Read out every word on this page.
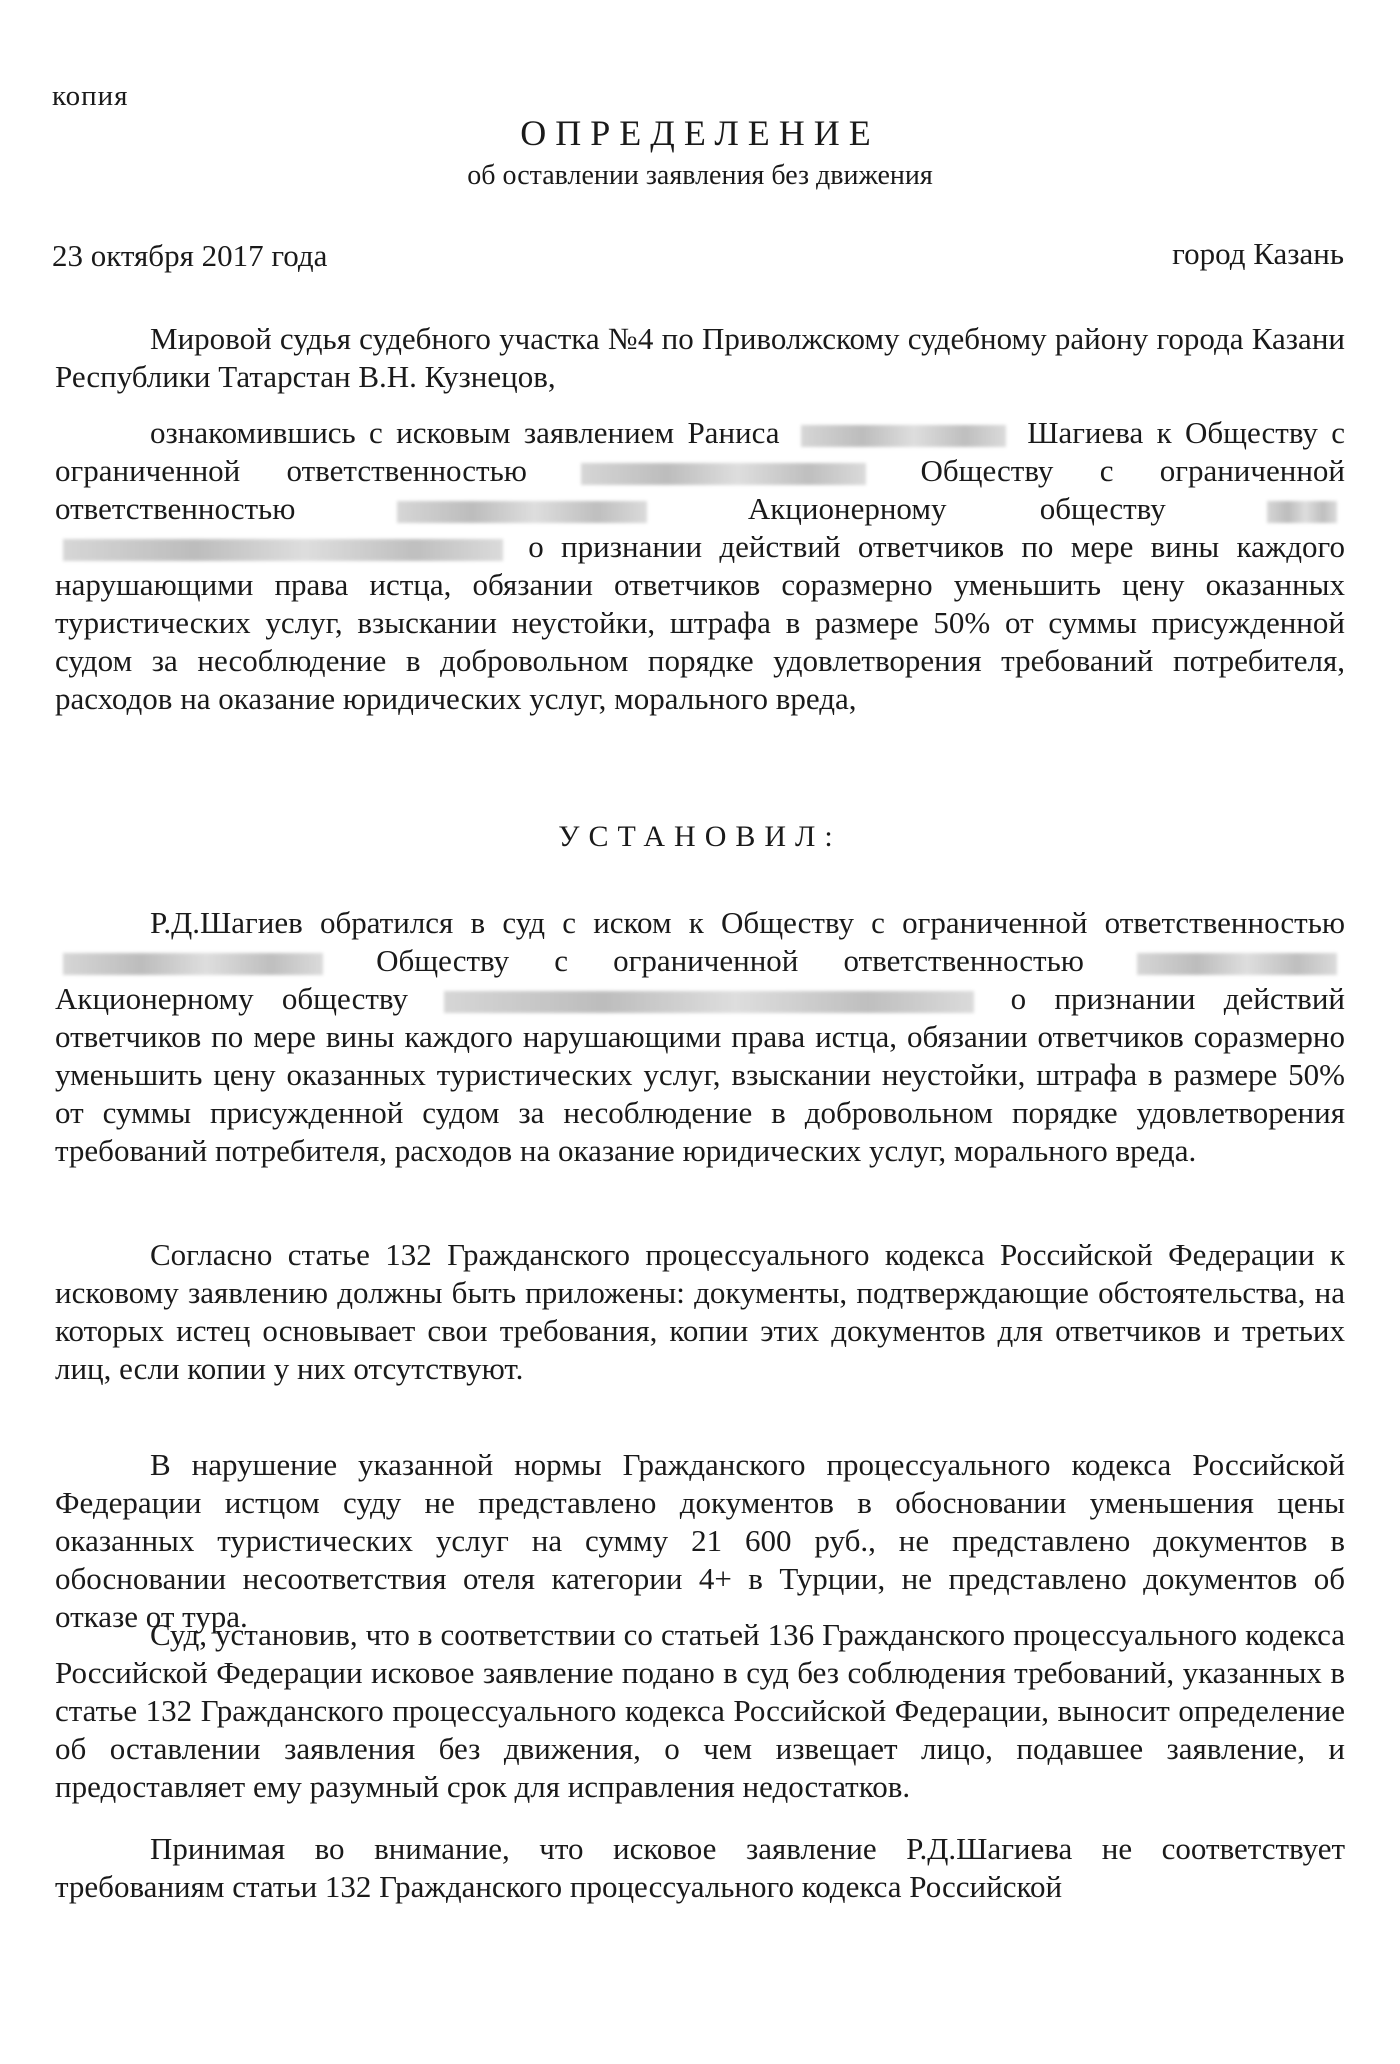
копия
ОПРЕДЕЛЕНИЕ
об оставлении заявления без движения
23 октября 2017 года	город Казань
Мировой судья судебного участка №4 по Приволжскому судебному району города Казани Республики Татарстан В.Н. Кузнецов,
ознакомившись с исковым заявлением Раниса	Шагиева к Обществу с ограниченной ответственностью	Обществу с ограниченной ответственностью	Акционерному обществу   о признании действий ответчиков по мере вины каждого нарушающими права истца, обязании ответчиков соразмерно уменьшить цену оказанных туристических услуг, взыскании неустойки, штрафа в размере 50% от суммы присужденной судом за несоблюдение в добровольном порядке удовлетворения требований потребителя, расходов на оказание юридических услуг, морального вреда,
УСТАНОВИЛ:
Р.Д.Шагиев обратился в суд с иском к Обществу с ограниченной ответственностью  Обществу с ограниченной ответственностью  Акционерному обществу	о признании действий ответчиков по мере вины каждого нарушающими права истца, обязании ответчиков соразмерно уменьшить цену оказанных туристических услуг, взыскании неустойки, штрафа в размере 50% от суммы присужденной судом за несоблюдение в добровольном порядке удовлетворения требований потребителя, расходов на оказание юридических услуг, морального вреда.
Согласно статье 132 Гражданского процессуального кодекса Российской Федерации к исковому заявлению должны быть приложены: документы, подтверждающие обстоятельства, на которых истец основывает свои требования, копии этих документов для ответчиков и третьих лиц, если копии у них отсутствуют.
В нарушение указанной нормы Гражданского процессуального кодекса Российской Федерации истцом суду не представлено документов в обосновании уменьшения цены оказанных туристических услуг на сумму 21 600 руб., не представлено документов в обосновании несоответствия отеля категории 4+ в Турции, не представлено документов об отказе от тура.
Суд, установив, что в соответствии со статьей 136 Гражданского процессуального кодекса Российской Федерации исковое заявление подано в суд без соблюдения требований, указанных в статье 132 Гражданского процессуального кодекса Российской Федерации, выносит определение об оставлении заявления без движения, о чем извещает лицо, подавшее заявление, и предоставляет ему разумный срок для исправления недостатков.
Принимая во внимание, что исковое заявление Р.Д.Шагиева не соответствует требованиям статьи 132 Гражданского процессуального кодекса Российской
